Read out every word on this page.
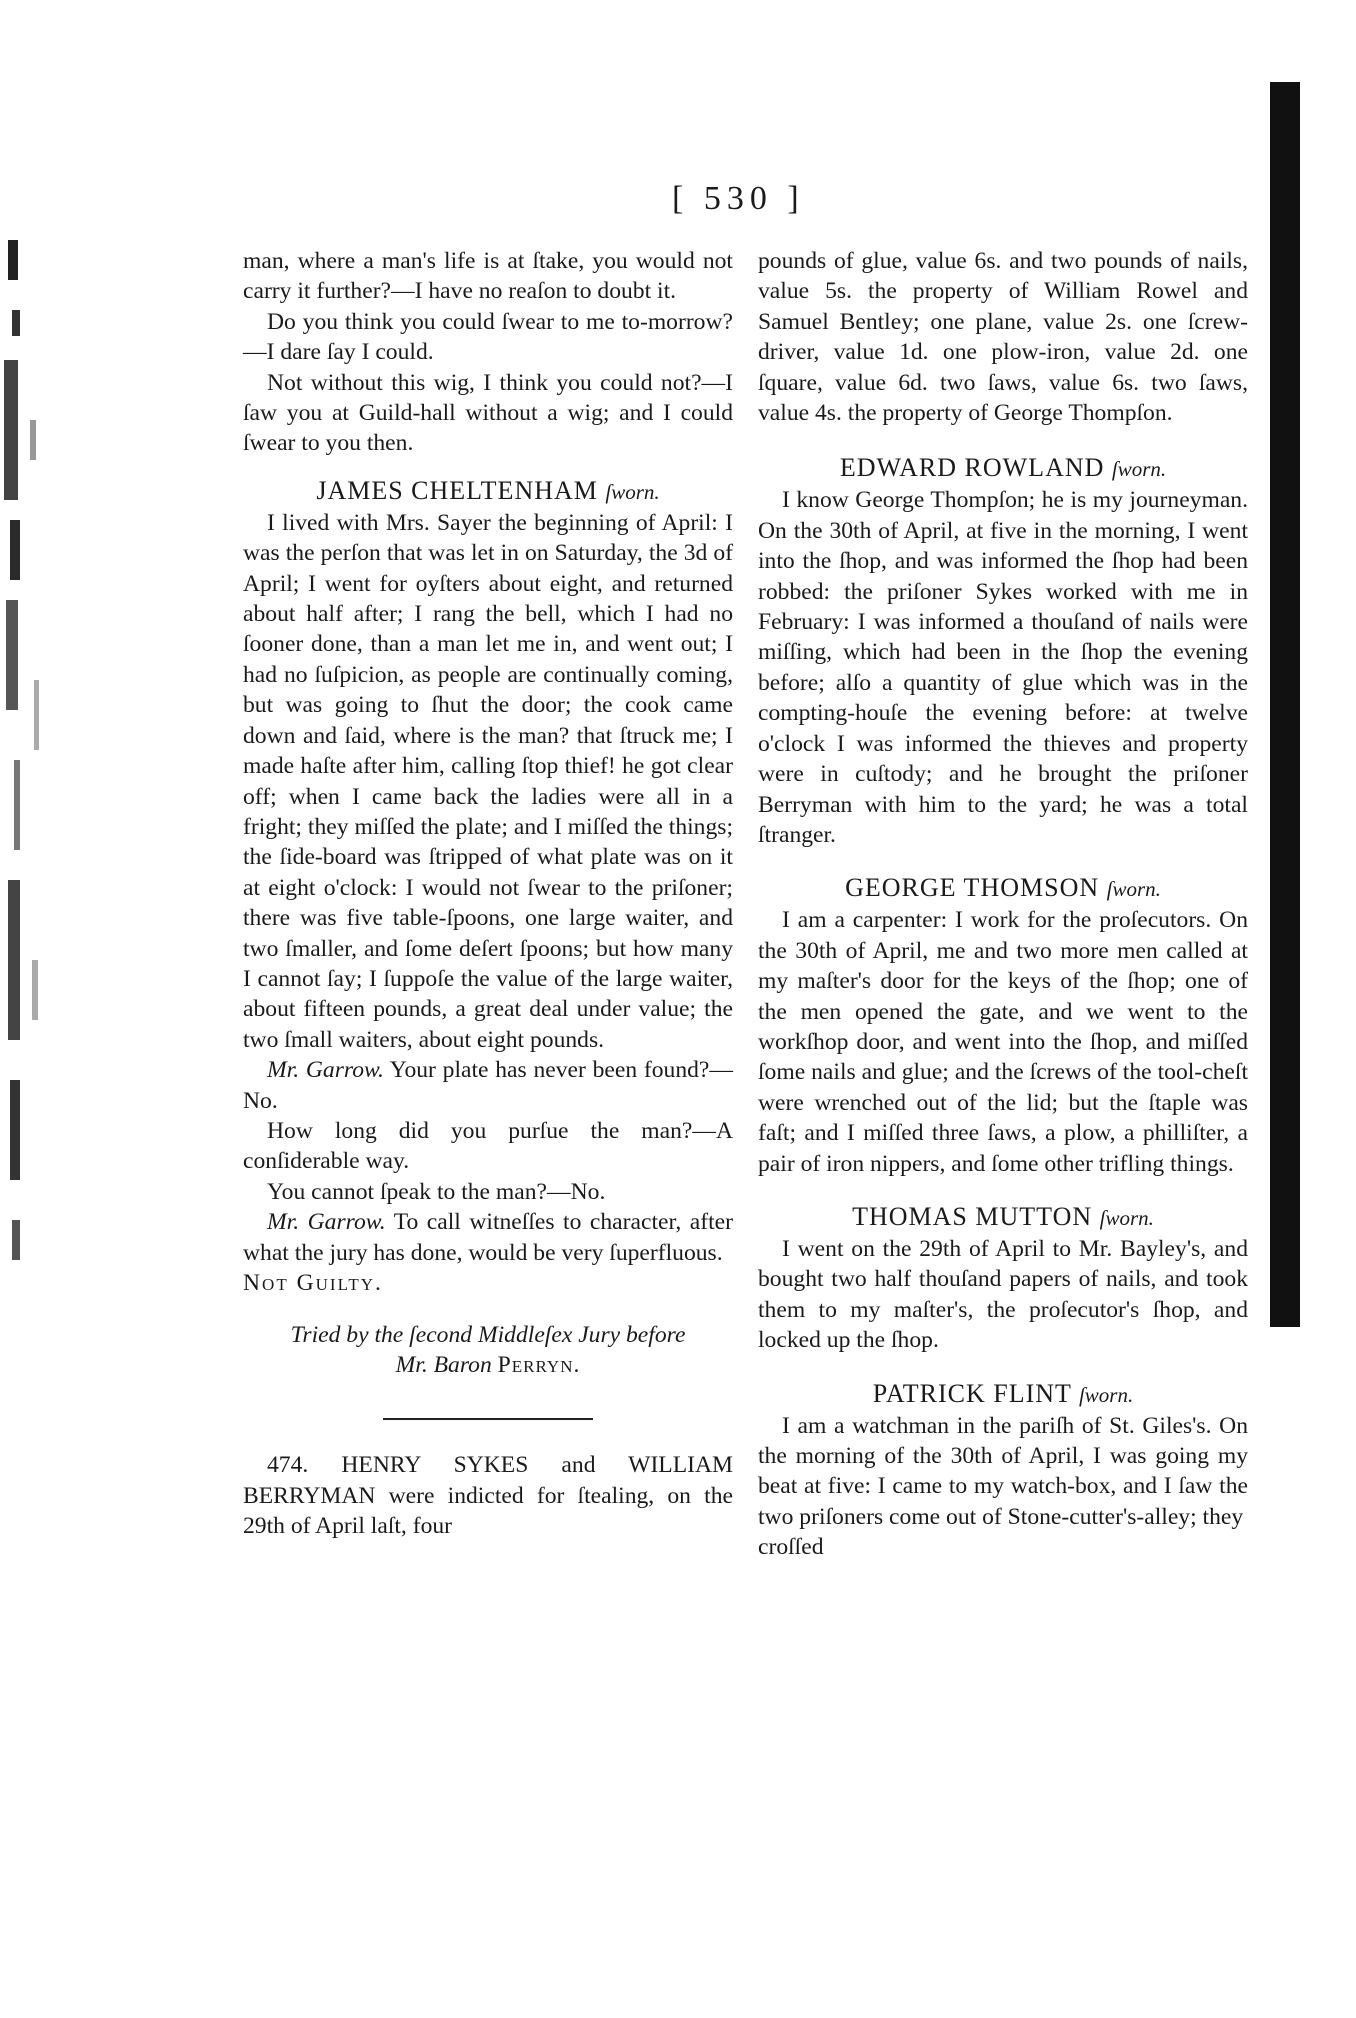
[ 530 ]

man, where a man's life is at ſtake, you would not carry it further?—I have no reaſon to doubt it.

Do you think you could ſwear to me to-morrow?—I dare ſay I could.

Not without this wig, I think you could not?—I ſaw you at Guild-hall without a wig; and I could ſwear to you then.

JAMES CHELTENHAM ſworn.

I lived with Mrs. Sayer the beginning of April: I was the perſon that was let in on Saturday, the 3d of April; I went for oyſters about eight, and returned about half after; I rang the bell, which I had no ſooner done, than a man let me in, and went out; I had no ſuſpicion, as people are continually coming, but was going to ſhut the door; the cook came down and ſaid, where is the man? that ſtruck me; I made haſte after him, calling ſtop thief! he got clear off; when I came back the ladies were all in a fright; they miſſed the plate; and I miſſed the things; the ſide-board was ſtripped of what plate was on it at eight o'clock: I would not ſwear to the priſoner; there was five table-ſpoons, one large waiter, and two ſmaller, and ſome deſert ſpoons; but how many I cannot ſay; I ſuppoſe the value of the large waiter, about fifteen pounds, a great deal under value; the two ſmall waiters, about eight pounds.

Mr. Garrow. Your plate has never been found?—No.

How long did you purſue the man?—A conſiderable way.

You cannot ſpeak to the man?—No.

Mr. Garrow. To call witneſſes to character, after what the jury has done, would be very ſuperfluous.

Not Guilty.

Tried by the ſecond Middleſex Jury before
Mr. Baron Perryn.

474. HENRY SYKES and WILLIAM BERRYMAN were indicted for ſtealing, on the 29th of April laſt, four

pounds of glue, value 6s. and two pounds of nails, value 5s. the property of William Rowel and Samuel Bentley; one plane, value 2s. one ſcrew-driver, value 1d. one plow-iron, value 2d. one ſquare, value 6d. two ſaws, value 6s. two ſaws, value 4s. the property of George Thompſon.

EDWARD ROWLAND ſworn.

I know George Thompſon; he is my journeyman. On the 30th of April, at five in the morning, I went into the ſhop, and was informed the ſhop had been robbed: the priſoner Sykes worked with me in February: I was informed a thouſand of nails were miſſing, which had been in the ſhop the evening before; alſo a quantity of glue which was in the compting-houſe the evening before: at twelve o'clock I was informed the thieves and property were in cuſtody; and he brought the priſoner Berryman with him to the yard; he was a total ſtranger.

GEORGE THOMSON ſworn.

I am a carpenter: I work for the proſecutors. On the 30th of April, me and two more men called at my maſter's door for the keys of the ſhop; one of the men opened the gate, and we went to the workſhop door, and went into the ſhop, and miſſed ſome nails and glue; and the ſcrews of the tool-cheſt were wrenched out of the lid; but the ſtaple was faſt; and I miſſed three ſaws, a plow, a philliſter, a pair of iron nippers, and ſome other trifling things.

THOMAS MUTTON ſworn.

I went on the 29th of April to Mr. Bayley's, and bought two half thouſand papers of nails, and took them to my maſter's, the proſecutor's ſhop, and locked up the ſhop.

PATRICK FLINT ſworn.

I am a watchman in the pariſh of St. Giles's. On the morning of the 30th of April, I was going my beat at five: I came to my watch-box, and I ſaw the two priſoners come out of Stone-cutter's-alley; they

croſſed
